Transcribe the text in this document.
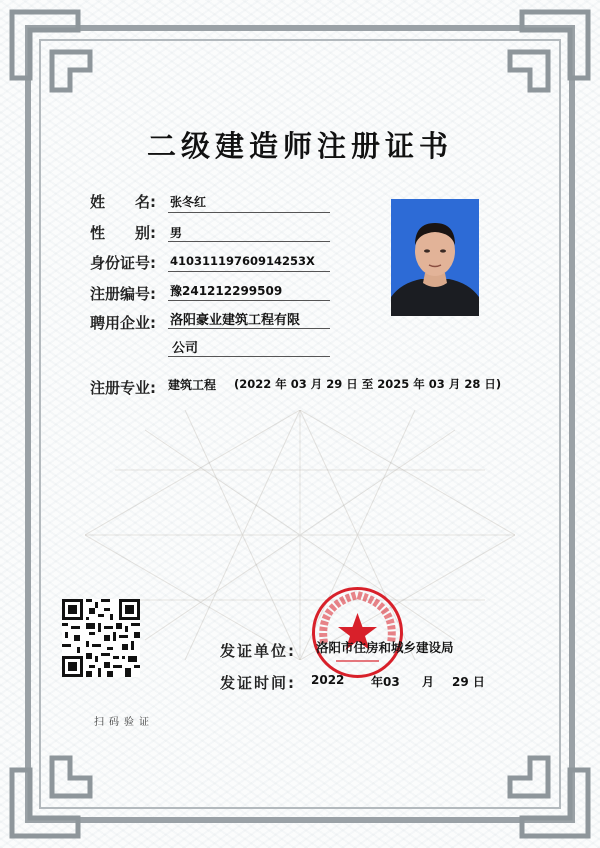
二级建造师注册证书
姓　　名: 张冬红
性　　别: 男
身份证号: 41031119760914253X
注册编号: 豫241212299509
聘用企业: 洛阳豪业建筑工程有限
公司
注册专业: 建筑工程 (2022 年 03 月 29 日 至 2025 年 03 月 28 日)
扫码验证
发证单位: 洛阳市住房和城乡建设局
发证时间: 2022 年03 月 29 日
